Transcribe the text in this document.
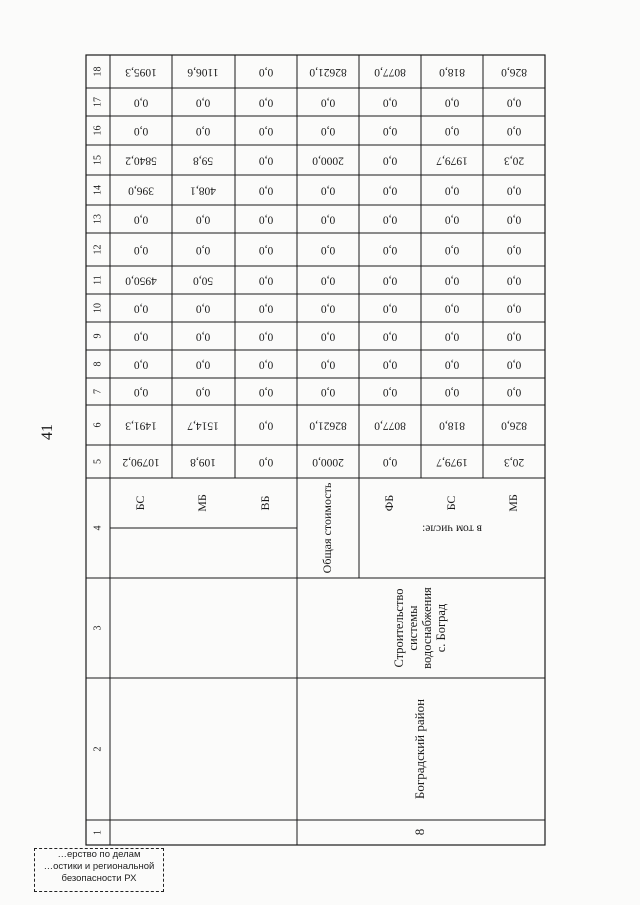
41
1
2
3
4
5
6
7
8
9
10
11
12
13
14
15
16
17
18
8
Боградский район
Строительство системы водоснабжения с. Боград
Общая стоимость	в том числе:
МБ
20,3
826,0
0,0
0,0
0,0
0,0
0,0
0,0
0,0
0,0
20,3
0,0
0,0
826,0
БС
1979,7
818,0
0,0
0,0
0,0
0,0
0,0
0,0
0,0
0,0
1979,7
0,0
0,0
818,0
ФБ
0,0
8077,0
0,0
0,0
0,0
0,0
0,0
0,0
0,0
0,0
0,0
0,0
0,0
8077,0
2000,0
82621,0
0,0
0,0
0,0
0,0
0,0
0,0
0,0
0,0
2000,0
0,0
0,0
82621,0
ВБ
0,0
0,0
0,0
0,0
0,0
0,0
0,0
0,0
0,0
0,0
0,0
0,0
0,0
0,0
МБ
109,8
1514,7
0,0
0,0
0,0
0,0
50,0
0,0
0,0
408,1
59,8
0,0
0,0
1106,6
БС
10790,2
1491,3
0,0
0,0
0,0
0,0
4950,0
0,0
0,0
396,0
5840,2
0,0
0,0
1095,3
…ерство по делам
…остики и региональной
безопасности РХ
